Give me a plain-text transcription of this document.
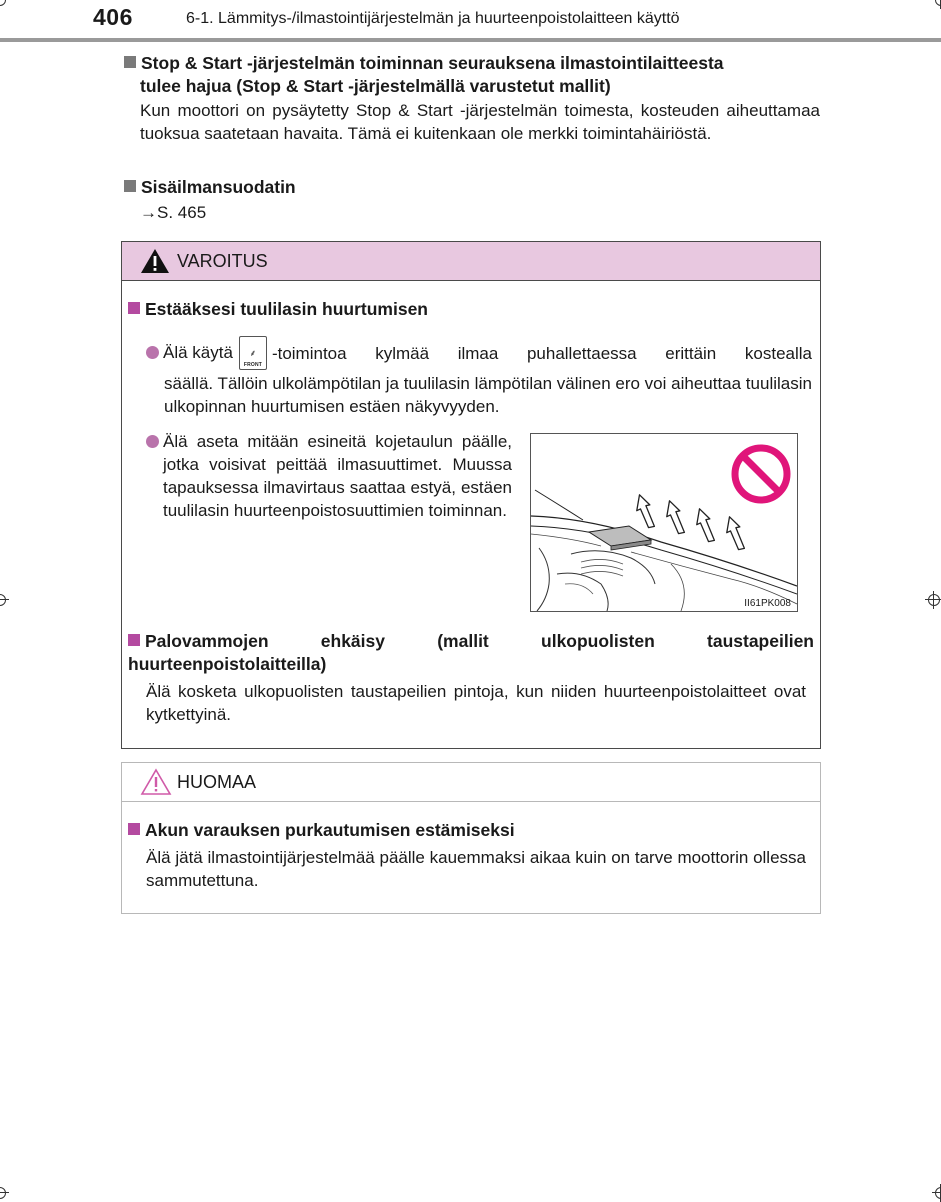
406	6-1. Lämmitys-/ilmastointijärjestelmän ja huurteenpoistolaitteen käyttö
Stop & Start -järjestelmän toiminnan seurauksena ilmastointilaitteesta
tulee hajua (Stop & Start -järjestelmällä varustetut mallit)
Kun moottori on pysäytetty Stop & Start -järjestelmän toimesta, kosteuden aiheuttamaa tuoksua saatetaan havaita. Tämä ei kuitenkaan ole merkki toimintahäiriöstä.
Sisäilmansuodatin
→S. 465
VAROITUS
Estääksesi tuulilasin huurtumisen
Älä käytä	⸙
FRONT
-toimintoa kylmää ilmaa puhallettaessa erittäin kostealla
säällä. Tällöin ulkolämpötilan ja tuulilasin lämpötilan välinen ero voi aiheuttaa tuulilasin ulkopinnan huurtumisen estäen näkyvyyden.
Älä aseta mitään esineitä kojetaulun päälle, jotka voisivat peittää ilmasuuttimet. Muussa tapauksessa ilmavirtaus saattaa estyä, estäen tuulilasin huurteenpoistosuuttimien toiminnan.
Palovammojen ehkäisy (mallit ulkopuolisten taustapeilien huurteenpoistolaitteilla)
Älä kosketa ulkopuolisten taustapeilien pintoja, kun niiden huurteenpoistolaitteet ovat kytkettyinä.
II61PK008
HUOMAA
Akun varauksen purkautumisen estämiseksi
Älä jätä ilmastointijärjestelmää päälle kauemmaksi aikaa kuin on tarve moottorin ollessa sammutettuna.
